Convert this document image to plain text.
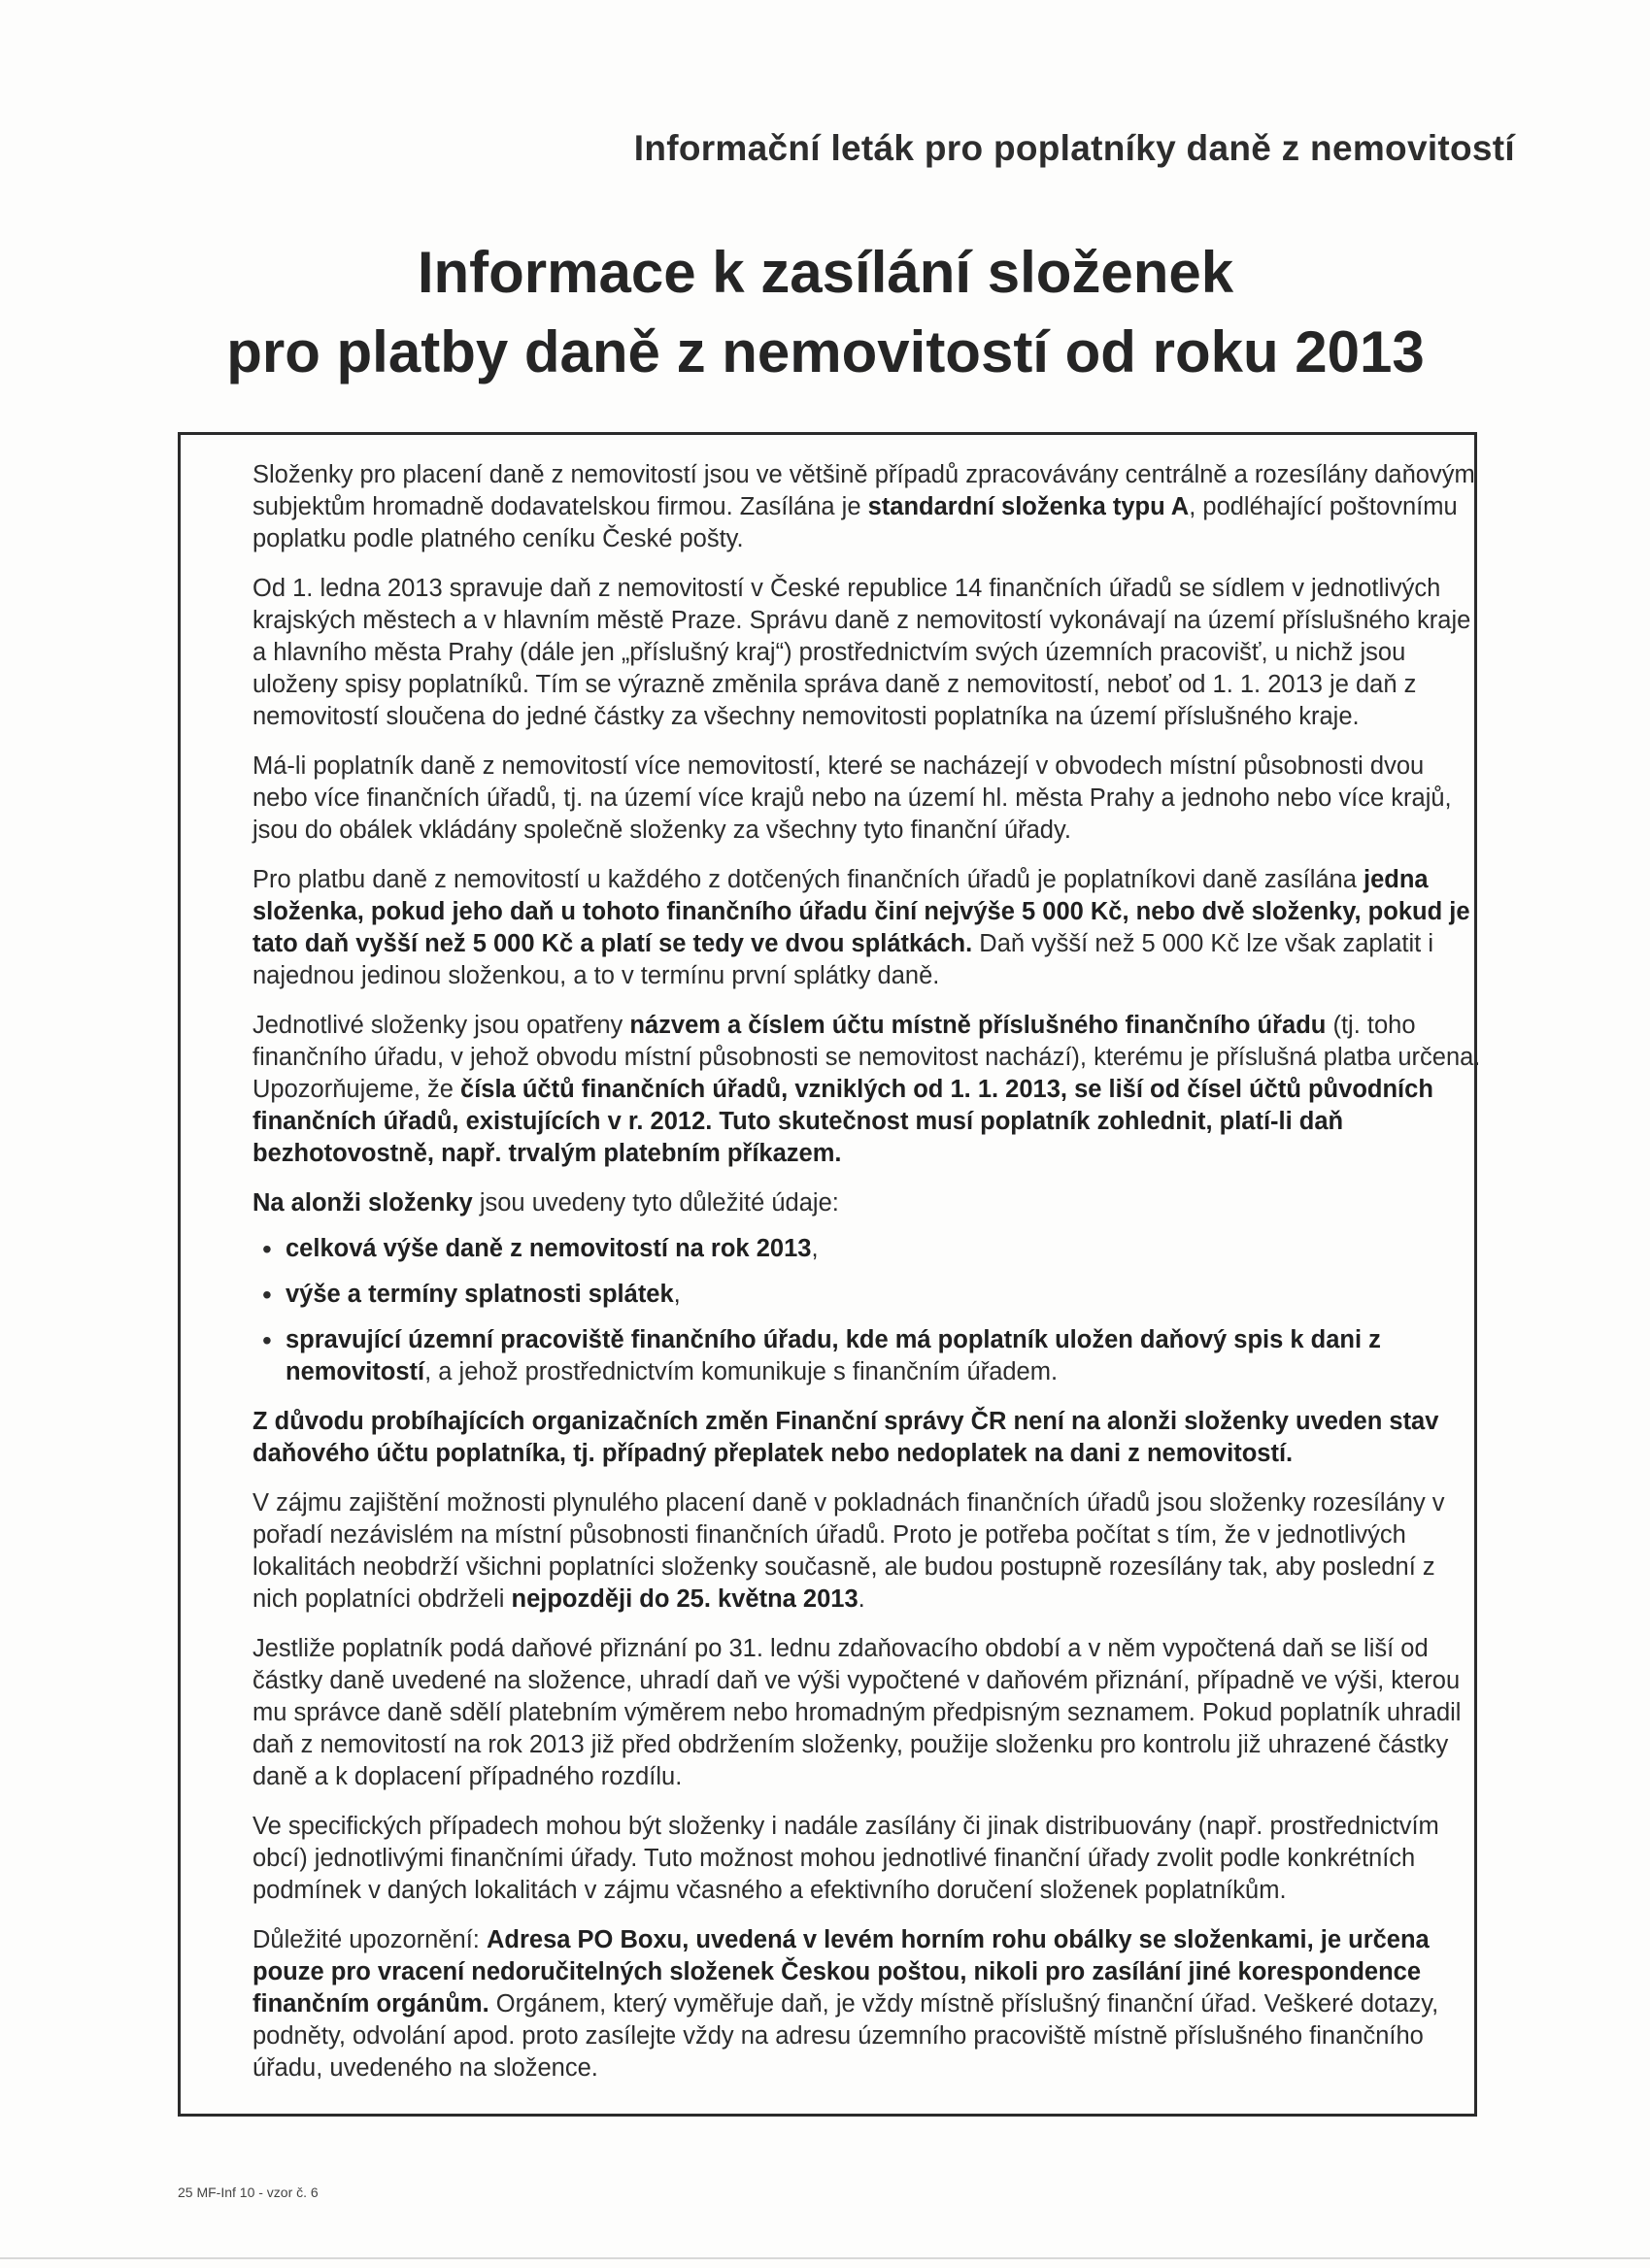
Informační leták pro poplatníky daně z nemovitostí
Informace k zasílání složenek
pro platby daně z nemovitostí od roku 2013

Složenky pro placení daně z nemovitostí jsou ve většině případů zpracovávány centrálně a rozesílány daňovým subjektům hromadně dodavatelskou firmou. Zasílána je standardní složenka typu A, podléhající poštovnímu poplatku podle platného ceníku České pošty.

Od 1. ledna 2013 spravuje daň z nemovitostí v České republice 14 finančních úřadů se sídlem v jednotlivých krajských městech a v hlavním městě Praze. Správu daně z nemovitostí vykonávají na území příslušného kraje a hlavního města Prahy (dále jen „příslušný kraj“) prostřednictvím svých územních pracovišť, u nichž jsou uloženy spisy poplatníků. Tím se výrazně změnila správa daně z nemovitostí, neboť od 1. 1. 2013 je daň z nemovitostí sloučena do jedné částky za všechny nemovitosti poplatníka na území příslušného kraje.

Má-li poplatník daně z nemovitostí více nemovitostí, které se nacházejí v obvodech místní působnosti dvou nebo více finančních úřadů, tj. na území více krajů nebo na území hl. města Prahy a jednoho nebo více krajů, jsou do obálek vkládány společně složenky za všechny tyto finanční úřady.

Pro platbu daně z nemovitostí u každého z dotčených finančních úřadů je poplatníkovi daně zasílána jedna složenka, pokud jeho daň u tohoto finančního úřadu činí nejvýše 5 000 Kč, nebo dvě složenky, pokud je tato daň vyšší než 5 000 Kč a platí se tedy ve dvou splátkách. Daň vyšší než 5 000 Kč lze však zaplatit i najednou jedinou složenkou, a to v termínu první splátky daně.

Jednotlivé složenky jsou opatřeny názvem a číslem účtu místně příslušného finančního úřadu (tj. toho finančního úřadu, v jehož obvodu místní působnosti se nemovitost nachází), kterému je příslušná platba určena. Upozorňujeme, že čísla účtů finančních úřadů, vzniklých od 1. 1. 2013, se liší od čísel účtů původních finančních úřadů, existujících v r. 2012. Tuto skutečnost musí poplatník zohlednit, platí-li daň bezhotovostně, např. trvalým platebním příkazem.

Na alonži složenky jsou uvedeny tyto důležité údaje:

• celková výše daně z nemovitostí na rok 2013,
• výše a termíny splatnosti splátek,
• spravující územní pracoviště finančního úřadu, kde má poplatník uložen daňový spis k dani z nemovitostí, a jehož prostřednictvím komunikuje s finančním úřadem.

Z důvodu probíhajících organizačních změn Finanční správy ČR není na alonži složenky uveden stav daňového účtu poplatníka, tj. případný přeplatek nebo nedoplatek na dani z nemovitostí.

V zájmu zajištění možnosti plynulého placení daně v pokladnách finančních úřadů jsou složenky rozesílány v pořadí nezávislém na místní působnosti finančních úřadů. Proto je potřeba počítat s tím, že v jednotlivých lokalitách neobdrží všichni poplatníci složenky současně, ale budou postupně rozesílány tak, aby poslední z nich poplatníci obdrželi nejpozději do 25. května 2013.

Jestliže poplatník podá daňové přiznání po 31. lednu zdaňovacího období a v něm vypočtená daň se liší od částky daně uvedené na složence, uhradí daň ve výši vypočtené v daňovém přiznání, případně ve výši, kterou mu správce daně sdělí platebním výměrem nebo hromadným předpisným seznamem. Pokud poplatník uhradil daň z nemovitostí na rok 2013 již před obdržením složenky, použije složenku pro kontrolu již uhrazené částky daně a k doplacení případného rozdílu.

Ve specifických případech mohou být složenky i nadále zasílány či jinak distribuovány (např. prostřednictvím obcí) jednotlivými finančními úřady. Tuto možnost mohou jednotlivé finanční úřady zvolit podle konkrétních podmínek v daných lokalitách v zájmu včasného a efektivního doručení složenek poplatníkům.

Důležité upozornění: Adresa PO Boxu, uvedená v levém horním rohu obálky se složenkami, je určena pouze pro vracení nedoručitelných složenek Českou poštou, nikoli pro zasílání jiné korespondence finančním orgánům. Orgánem, který vyměřuje daň, je vždy místně příslušný finanční úřad. Veškeré dotazy, podněty, odvolání apod. proto zasílejte vždy na adresu územního pracoviště místně příslušného finančního úřadu, uvedeného na složence.

25 MF-Inf 10 - vzor č. 6
